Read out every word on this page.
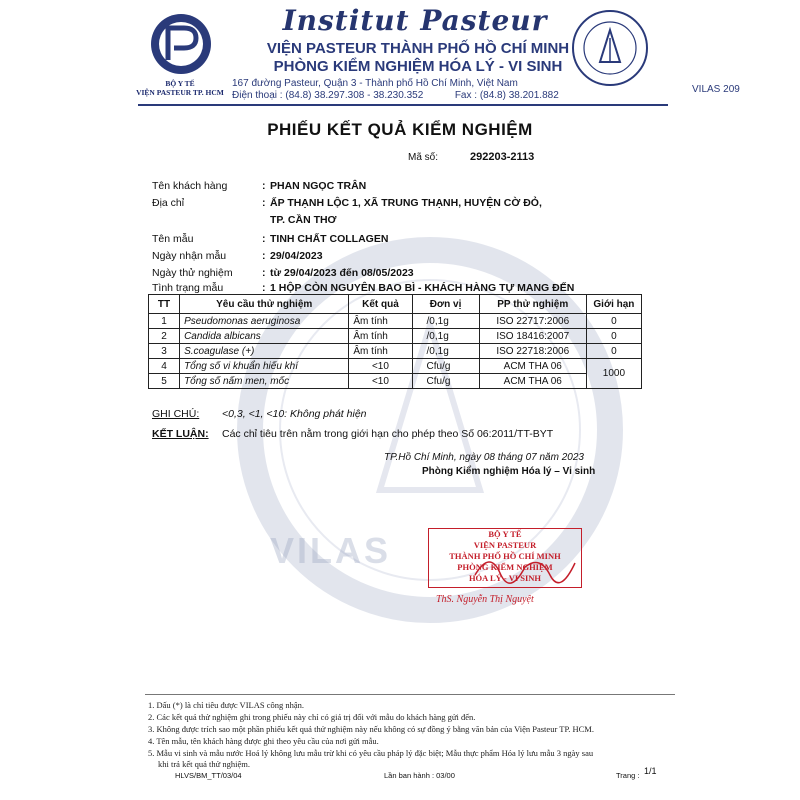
VILAS
BỘ Y TẾ
VIỆN PASTEUR TP. HCM
Institut Pasteur
VIỆN PASTEUR THÀNH PHỐ HỒ CHÍ MINH
PHÒNG KIỂM NGHIỆM HÓA LÝ - VI SINH
167 đường Pasteur, Quận 3 - Thành phố Hồ Chí Minh, Việt Nam
Điện thoại : (84.8) 38.297.308 - 38.230.352	Fax : (84.8) 38.201.882
VILAS 209
PHIẾU KẾT QUẢ KIỂM NGHIỆM
Mã số:	292203-2113
Tên khách hàng	: PHAN NGỌC TRÂN
Địa chỉ	: ẤP THẠNH LỘC 1, XÃ TRUNG THẠNH, HUYỆN CỜ ĐỎ,
TP. CẦN THƠ
Tên mẫu	: TINH CHẤT COLLAGEN
Ngày nhận mẫu	: 29/04/2023
Ngày thử nghiệm	: từ 29/04/2023 đến 08/05/2023
Tình trạng mẫu	: 1 HỘP CÒN NGUYÊN BAO BÌ - KHÁCH HÀNG TỰ MANG ĐẾN
TT	Yêu cầu thử nghiệm	Kết quả	Đơn vị	PP thử nghiệm	Giới hạn
1	Pseudomonas aeruginosa	Âm tính	/0,1g	ISO 22717:2006	0
2	Candida albicans	Âm tính	/0,1g	ISO 18416:2007	0
3	S.coagulase (+)	Âm tính	/0,1g	ISO 22718:2006	0
4	Tổng số vi khuẩn hiếu khí	<10	Cfu/g	ACM THA 06	1000
5	Tổng số nấm men, mốc	<10	Cfu/g	ACM THA 06	
GHI CHÚ: <0,3, <1, <10: Không phát hiện
KẾT LUẬN: Các chỉ tiêu trên nằm trong giới hạn cho phép theo Số 06:2011/TT-BYT
TP.Hồ Chí Minh, ngày 08 tháng 07 năm 2023
Phòng Kiểm nghiệm Hóa lý – Vi sinh
BỘ Y TẾ
VIỆN PASTEUR
THÀNH PHỐ HỒ CHÍ MINH
PHÒNG KIỂM NGHIỆM
HÓA LÝ - VI SINH
ThS. Nguyễn Thị Nguyệt
1. Dấu (*) là chỉ tiêu được VILAS công nhận.
2. Các kết quả thử nghiệm ghi trong phiếu này chỉ có giá trị đối với mẫu do khách hàng gửi đến.
3. Không được trích sao một phần phiếu kết quả thử nghiệm này nếu không có sự đồng ý bằng văn bản của Viện Pasteur TP. HCM.
4. Tên mẫu, tên khách hàng được ghi theo yêu cầu của nơi gửi mẫu.
5. Mẫu vi sinh và mẫu nước Hoá lý không lưu mẫu trừ khi có yêu cầu pháp lý đặc biệt; Mẫu thực phẩm Hóa lý lưu mẫu 3 ngày sau
khi trả kết quả thử nghiệm.
HLVS/BM_TT/03/04	Lần ban hành : 03/00	Trang : 1/1
